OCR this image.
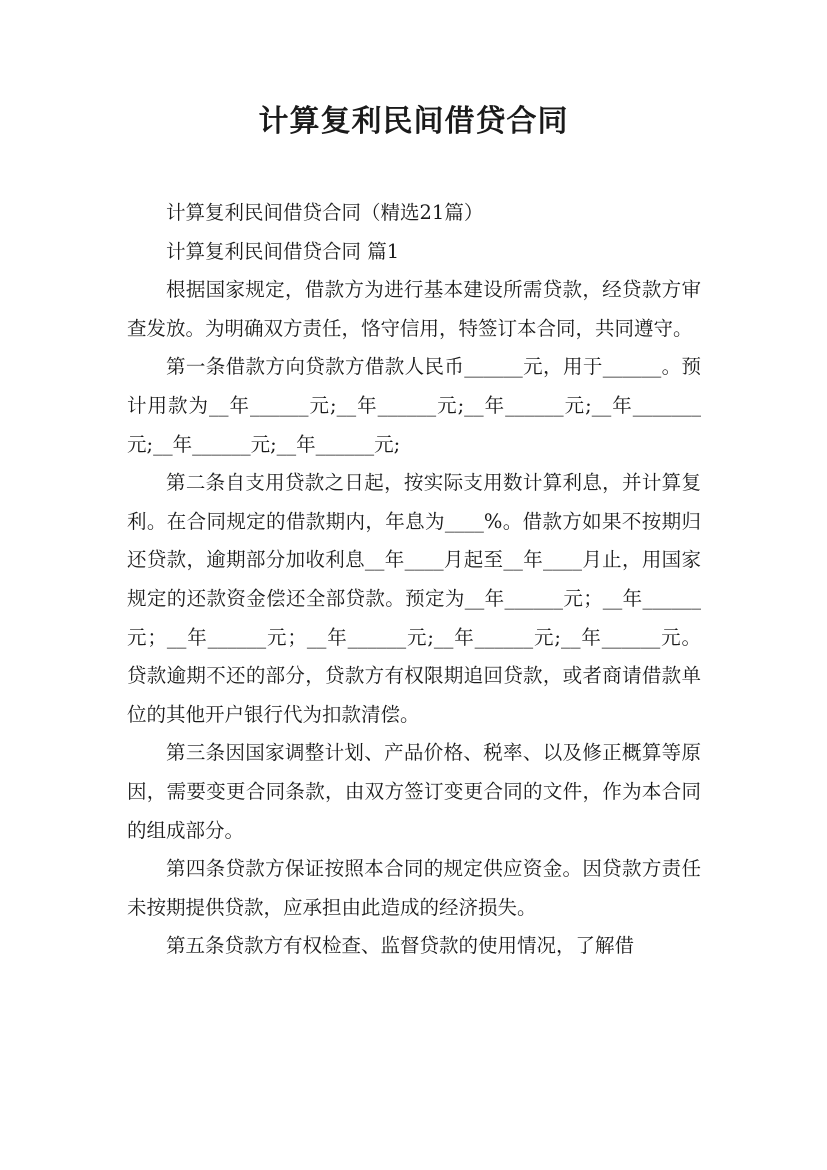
计算复利民间借贷合同

计算复利民间借贷合同（精选21篇）

计算复利民间借贷合同 篇1

根据国家规定，借款方为进行基本建设所需贷款，经贷款方审查发放。为明确双方责任，恪守信用，特签订本合同，共同遵守。

第一条借款方向贷款方借款人民币______元，用于______。预计用款为__年______元;__年______元;__年______元;__年_______元;__年______元;__年______元;

第二条自支用贷款之日起，按实际支用数计算利息，并计算复利。在合同规定的借款期内，年息为____%。借款方如果不按期归还贷款，逾期部分加收利息__年____月起至__年____月止，用国家规定的还款资金偿还全部贷款。预定为__年______元；__年______元；__年______元；__年______元;__年______元;__年______元。贷款逾期不还的部分，贷款方有权限期追回贷款，或者商请借款单位的其他开户银行代为扣款清偿。

第三条因国家调整计划、产品价格、税率、以及修正概算等原因，需要变更合同条款，由双方签订变更合同的文件，作为本合同的组成部分。

第四条贷款方保证按照本合同的规定供应资金。因贷款方责任未按期提供贷款，应承担由此造成的经济损失。

第五条贷款方有权检查、监督贷款的使用情况，了解借
